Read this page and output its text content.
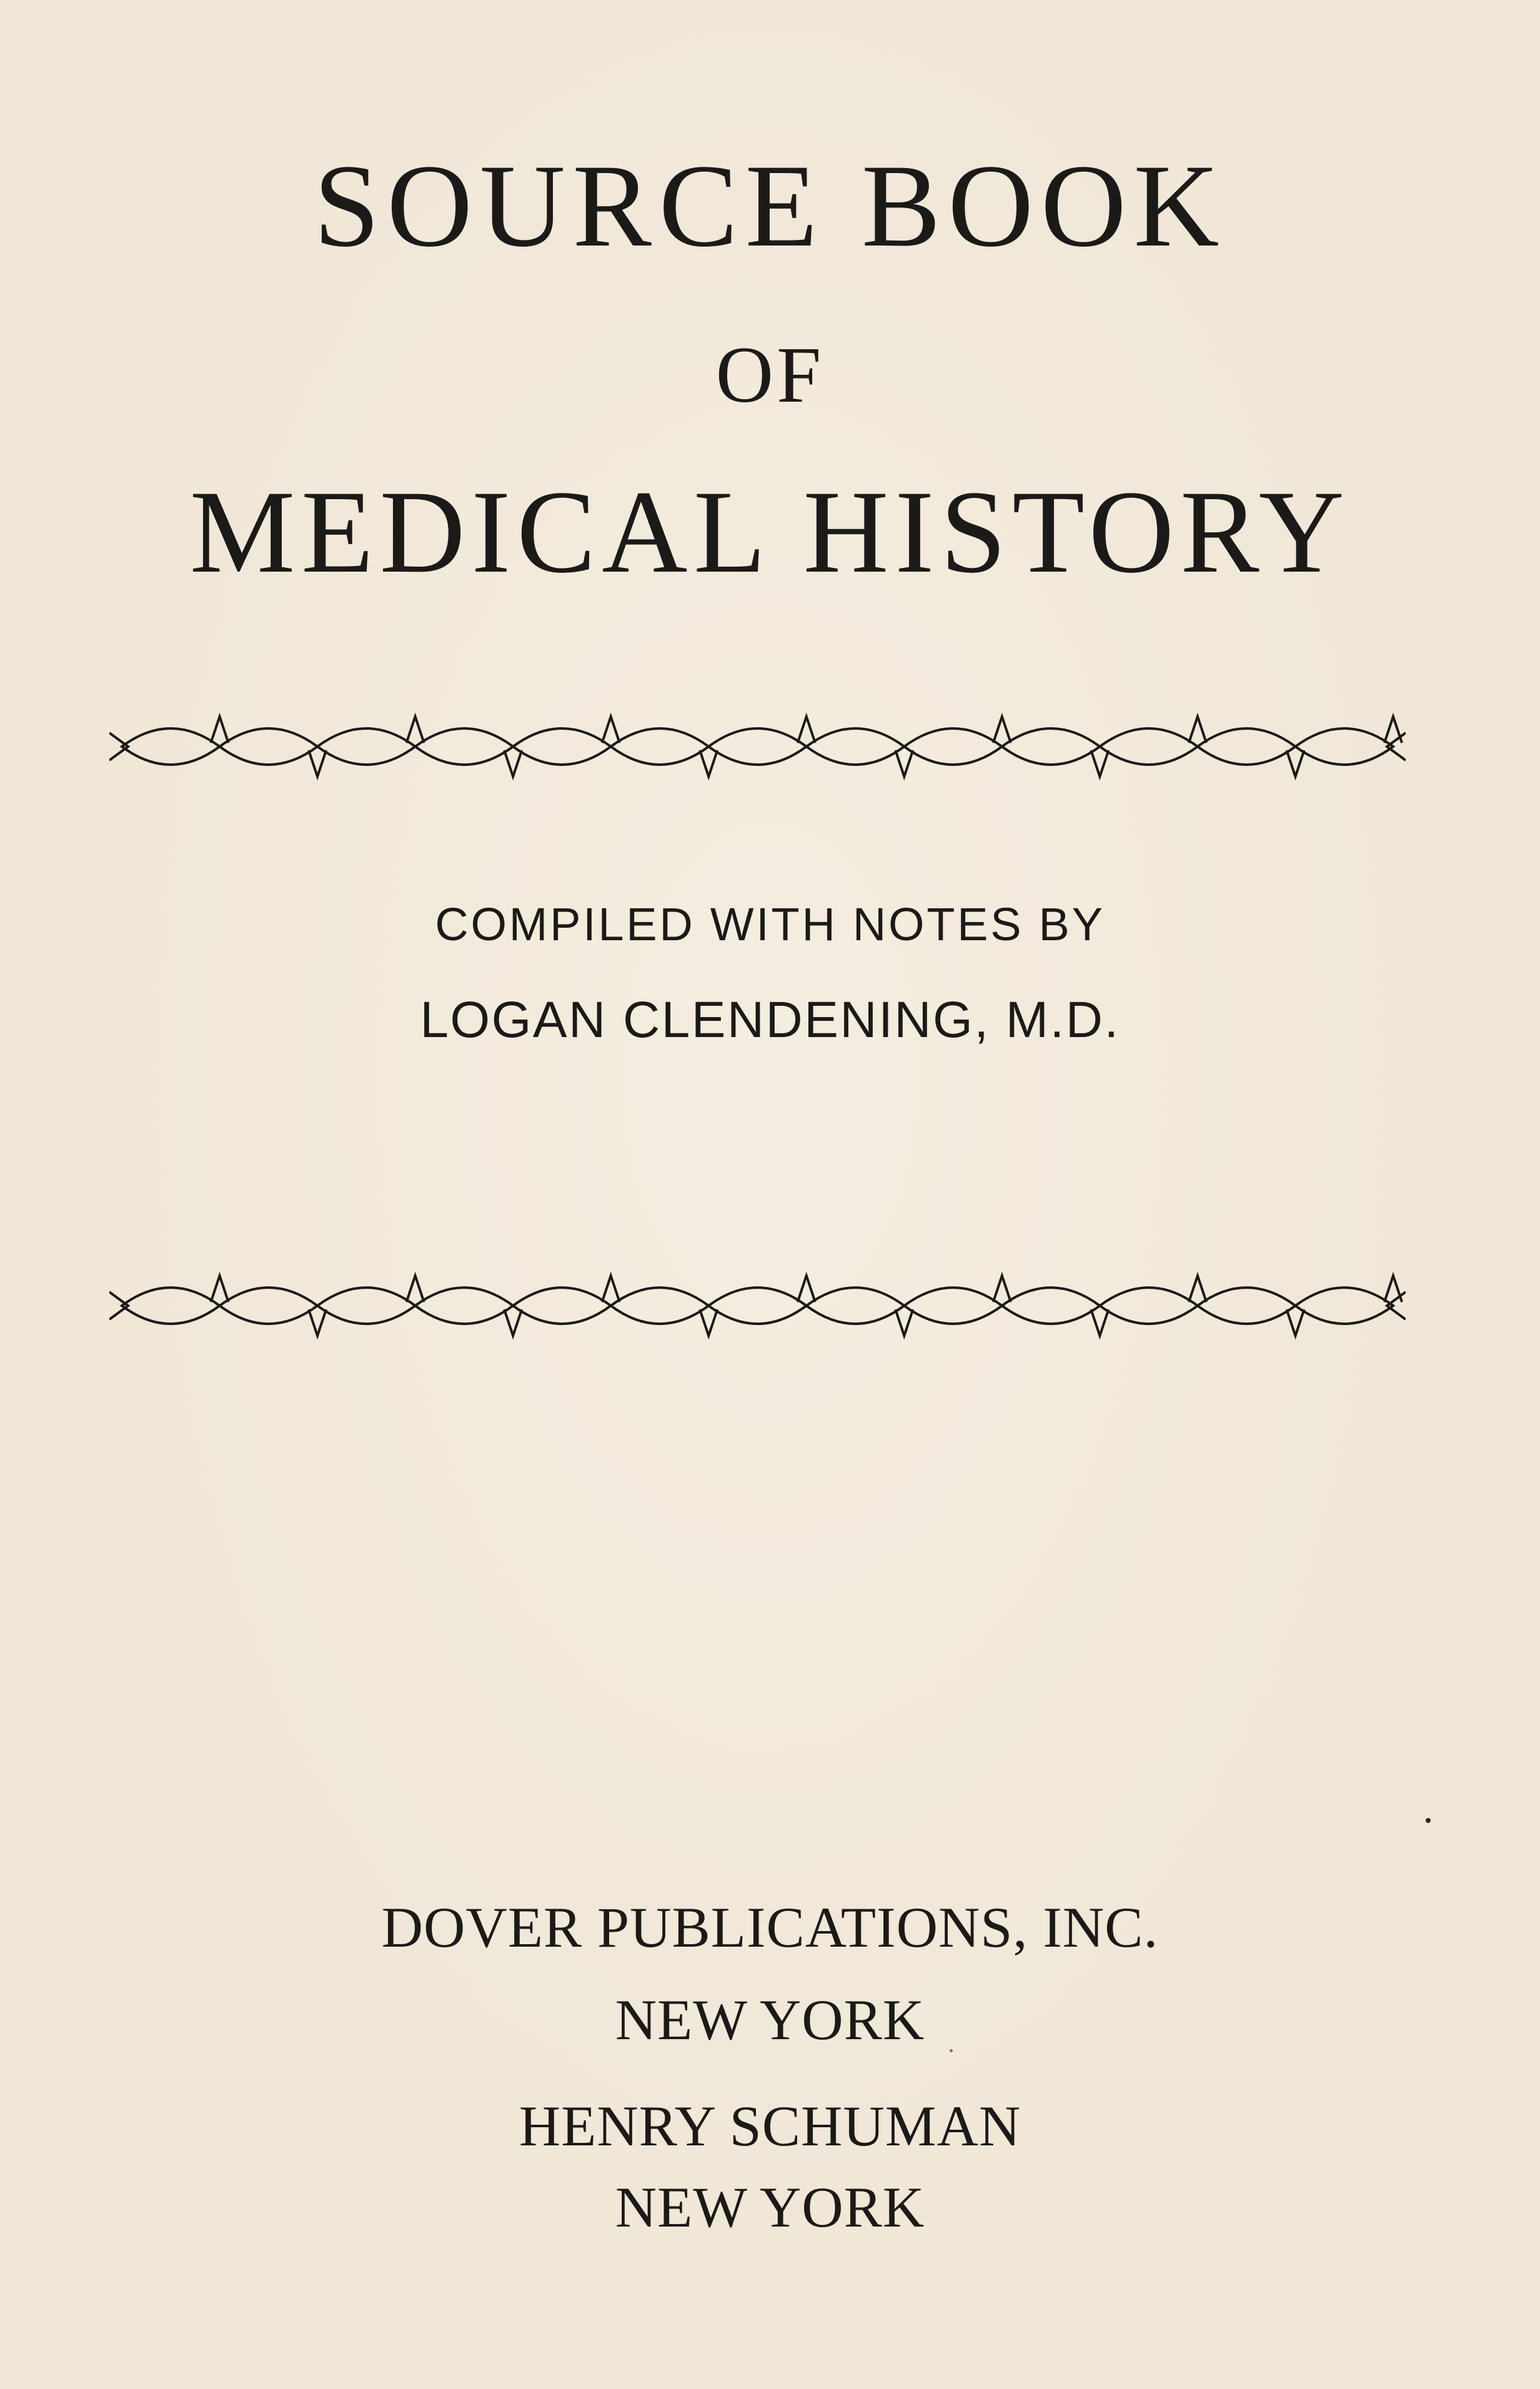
SOURCE BOOK
OF
MEDICAL HISTORY
COMPILED WITH NOTES BY
LOGAN CLENDENING, M.D.
DOVER PUBLICATIONS, INC.
NEW YORK
HENRY SCHUMAN
NEW YORK
